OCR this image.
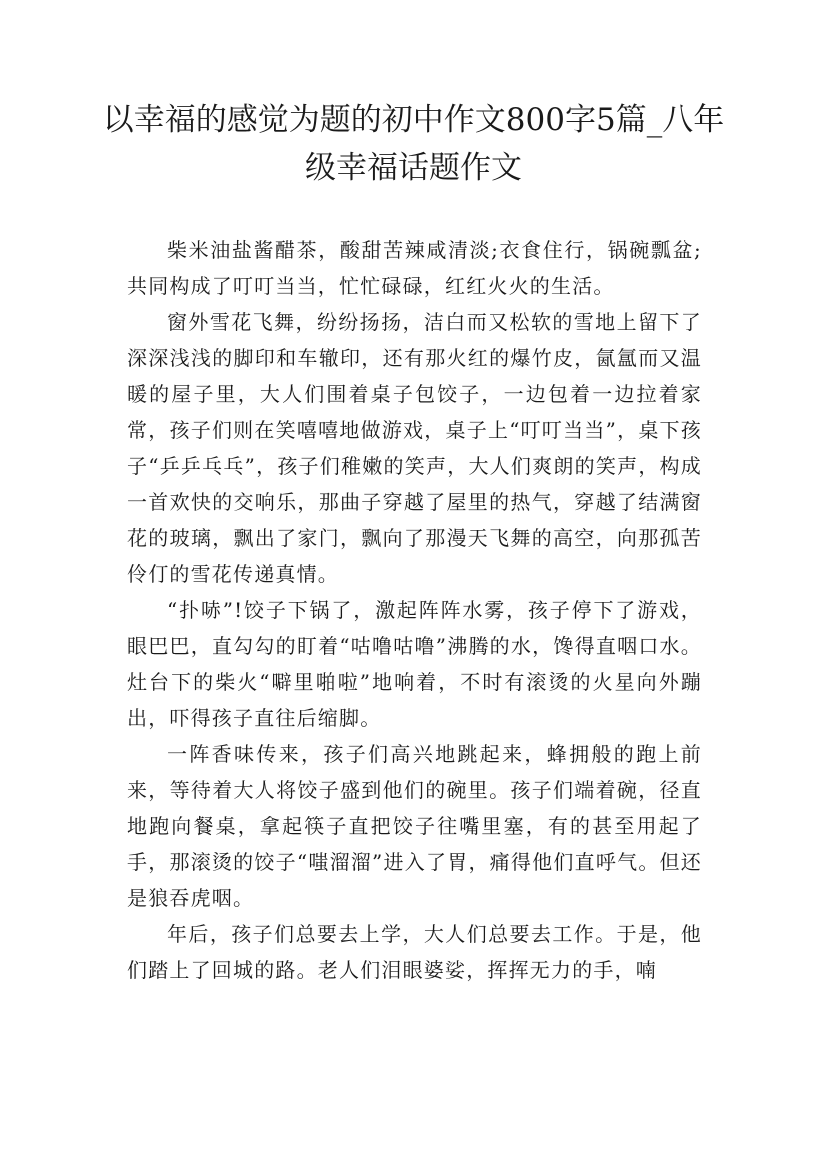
以幸福的感觉为题的初中作文800字5篇_八年级幸福话题作文

柴米油盐酱醋茶，酸甜苦辣咸清淡;衣食住行，锅碗瓢盆;共同构成了叮叮当当，忙忙碌碌，红红火火的生活。

窗外雪花飞舞，纷纷扬扬，洁白而又松软的雪地上留下了深深浅浅的脚印和车辙印，还有那火红的爆竹皮，氤氲而又温暖的屋子里，大人们围着桌子包饺子，一边包着一边拉着家常，孩子们则在笑嘻嘻地做游戏，桌子上“叮叮当当”，桌下孩子“乒乒乓乓”，孩子们稚嫩的笑声，大人们爽朗的笑声，构成一首欢快的交响乐，那曲子穿越了屋里的热气，穿越了结满窗花的玻璃，飘出了家门，飘向了那漫天飞舞的高空，向那孤苦伶仃的雪花传递真情。

“扑哧”!饺子下锅了，激起阵阵水雾，孩子停下了游戏，眼巴巴，直勾勾的盯着“咕噜咕噜”沸腾的水，馋得直咽口水。灶台下的柴火“噼里啪啦”地响着，不时有滚烫的火星向外蹦出，吓得孩子直往后缩脚。

一阵香味传来，孩子们高兴地跳起来，蜂拥般的跑上前来，等待着大人将饺子盛到他们的碗里。孩子们端着碗，径直地跑向餐桌，拿起筷子直把饺子往嘴里塞，有的甚至用起了手，那滚烫的饺子“嗤溜溜”进入了胃，痛得他们直呼气。但还是狼吞虎咽。

年后，孩子们总要去上学，大人们总要去工作。于是，他们踏上了回城的路。老人们泪眼婆娑，挥挥无力的手，喃
